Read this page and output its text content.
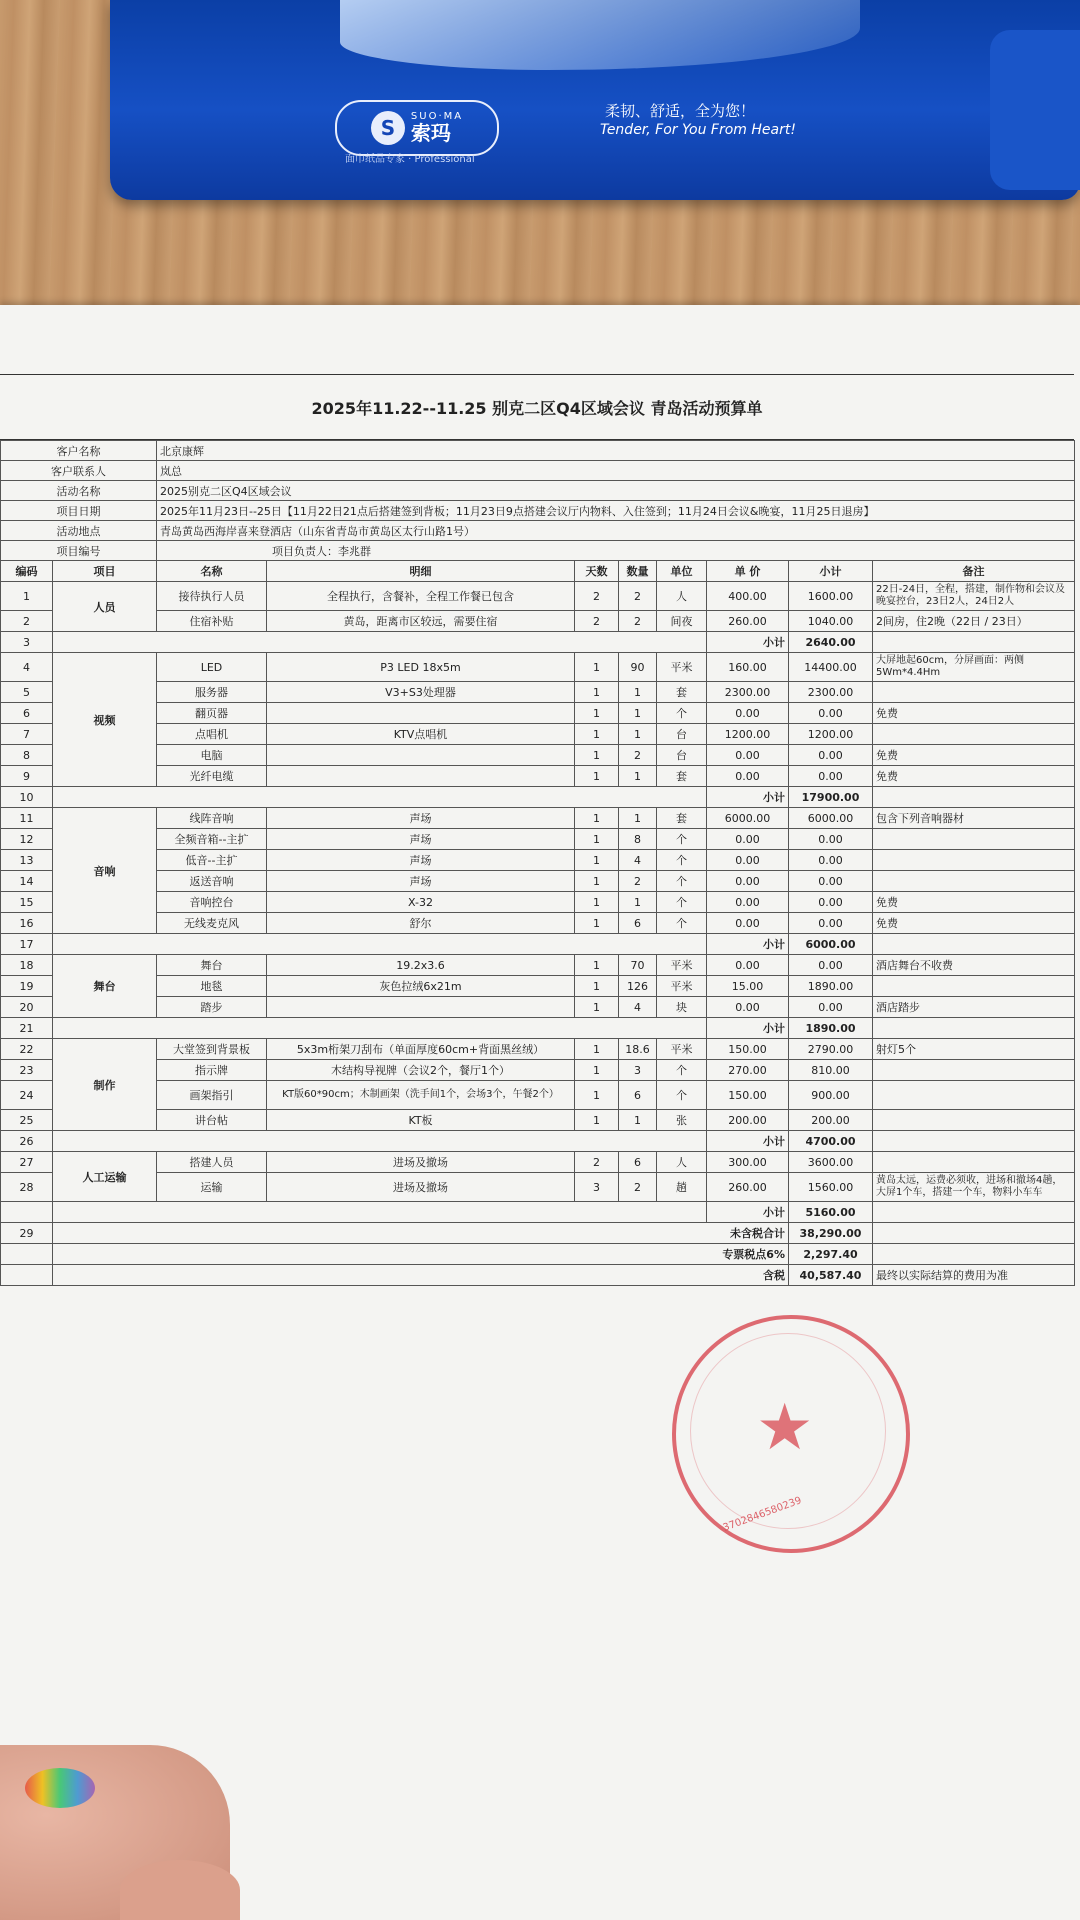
S	SUO·MA
索玛
面巾纸品专家 · Professional
柔韧、舒适，全为您！
Tender, For You From Heart!
2025年11.22--11.25 别克二区Q4区域会议 青岛活动预算单
客户名称		北京康辉							
客户联系人		岚总							
活动名称		2025别克二区Q4区域会议							
项目日期		2025年11月23日--25日【11月22日21点后搭建签到背板；11月23日9点搭建会议厅内物料、入住签到；11月24日会议&晚宴，11月25日退房】							
活动地点		青岛黄岛西海岸喜来登酒店（山东省青岛市黄岛区太行山路1号）							
项目编号		项目负责人：李兆群							
编码	项目	名称	明细	天数	数量	单位	单 价	小计	备注
1	人员	接待执行人员	全程执行，含餐补，全程工作餐已包含	2	2	人	400.00	1600.00	22日-24日，全程，搭建，制作物和会议及晚宴控台，23日2人，24日2人
2		住宿补贴	黄岛，距离市区较远，需要住宿	2	2	间夜	260.00	1040.00	2间房，住2晚（22日 / 23日）
3							小计	2640.00	
4	视频	LED	P3 LED 18x5m	1	90	平米	160.00	14400.00	大屏地起60cm，分屏画面：两侧5Wm*4.4Hm
5		服务器	V3+S3处理器	1	1	套	2300.00	2300.00	
6		翻页器		1	1	个	0.00	0.00	免费
7		点唱机	KTV点唱机	1	1	台	1200.00	1200.00	
8		电脑		1	2	台	0.00	0.00	免费
9		光纤电缆		1	1	套	0.00	0.00	免费
10							小计	17900.00	
11	音响	线阵音响	声场	1	1	套	6000.00	6000.00	包含下列音响器材
12		全频音箱--主扩	声场	1	8	个	0.00	0.00	
13		低音--主扩	声场	1	4	个	0.00	0.00	
14		返送音响	声场	1	2	个	0.00	0.00	
15		音响控台	X-32	1	1	个	0.00	0.00	免费
16		无线麦克风	舒尔	1	6	个	0.00	0.00	免费
17							小计	6000.00	
18	舞台	舞台	19.2x3.6	1	70	平米	0.00	0.00	酒店舞台不收费
19		地毯	灰色拉绒6x21m	1	126	平米	15.00	1890.00	
20		踏步		1	4	块	0.00	0.00	酒店踏步
21							小计	1890.00	
22	制作	大堂签到背景板	5x3m桁架刀刮布（单面厚度60cm+背面黑丝绒）	1	18.6	平米	150.00	2790.00	射灯5个
23		指示牌	木结构导视牌（会议2个，餐厅1个）	1	3	个	270.00	810.00	
24		画架指引	KT版60*90cm；木制画架（洗手间1个，会场3个，午餐2个）	1	6	个	150.00	900.00	
25		讲台帖	KT板	1	1	张	200.00	200.00	
26							小计	4700.00	
27	人工运输	搭建人员	进场及撤场	2	6	人	300.00	3600.00	
28		运输	进场及撤场	3	2	趟	260.00	1560.00	黄岛太远，运费必须收，进场和撤场4趟，大屏1个车，搭建一个车，物料小车车
							小计	5160.00	
29	未含税合计							38,290.00	
	专票税点6%							2,297.40	
	含税							40,587.40	最终以实际结算的费用为准
★
3702846580239
